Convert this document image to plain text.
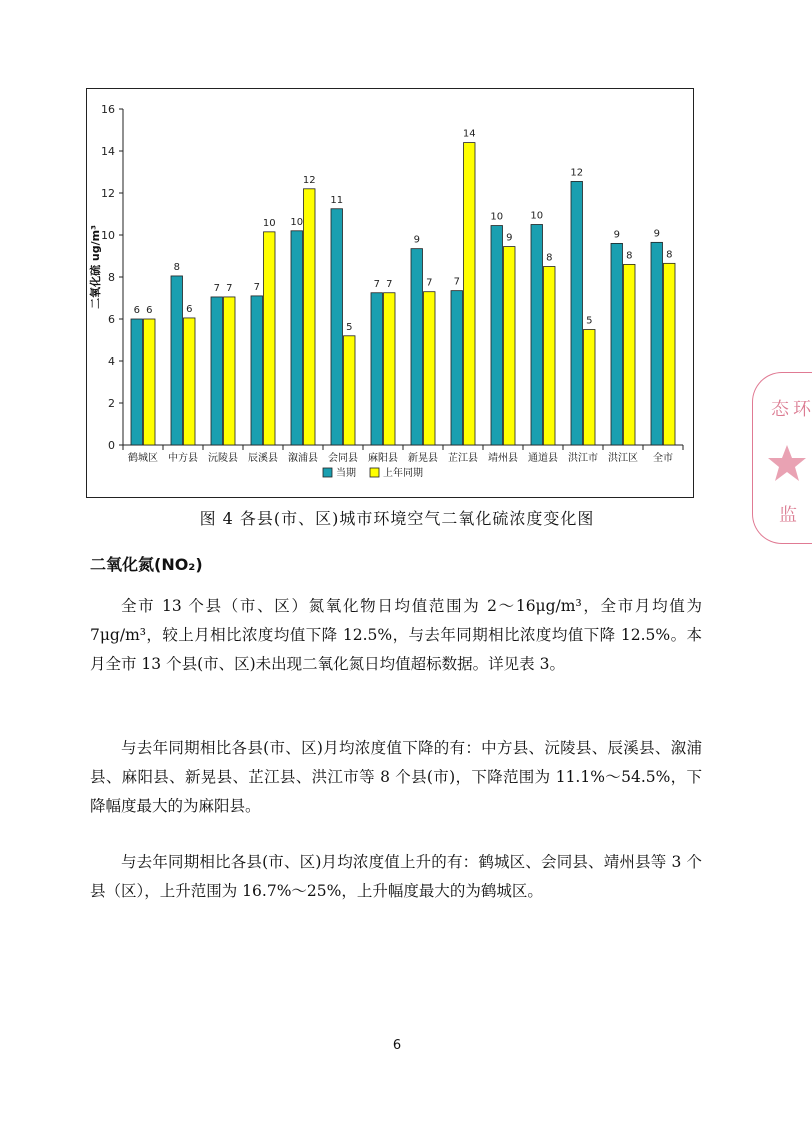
0
2
4
6
8
10
12
14
16
二氧化硫 ug/m³
鹤城区 中方县 沅陵县 辰溪县 溆浦县 会同县 麻阳县 新晃县 芷江县 靖州县 通道县 洪江市 洪江区 全市
6
8
7	7
10
11
7
9
7
10	10
12
9	9
6	6
7
10
12
5
7	7
14
9
8
5
8	8
当期	上年同期
图 4 各县(市、区)城市环境空气二氧化硫浓度变化图
二氧化氮(NO₂)

全市 13 个县（市、区）氮氧化物日均值范围为 2～16μg/m³，全市月均值为 7μg/m³，较上月相比浓度均值下降 12.5%，与去年同期相比浓度均值下降 12.5%。本月全市 13 个县(市、区)未出现二氧化氮日均值超标数据。详见表 3。

与去年同期相比各县(市、区)月均浓度值下降的有：中方县、沅陵县、辰溪县、溆浦县、麻阳县、新晃县、芷江县、洪江市等 8 个县(市)，下降范围为 11.1%～54.5%，下降幅度最大的为麻阳县。

与去年同期相比各县(市、区)月均浓度值上升的有：鹤城区、会同县、靖州县等 3 个县（区），上升范围为 16.7%～25%，上升幅度最大的为鹤城区。

6
态 环
监
